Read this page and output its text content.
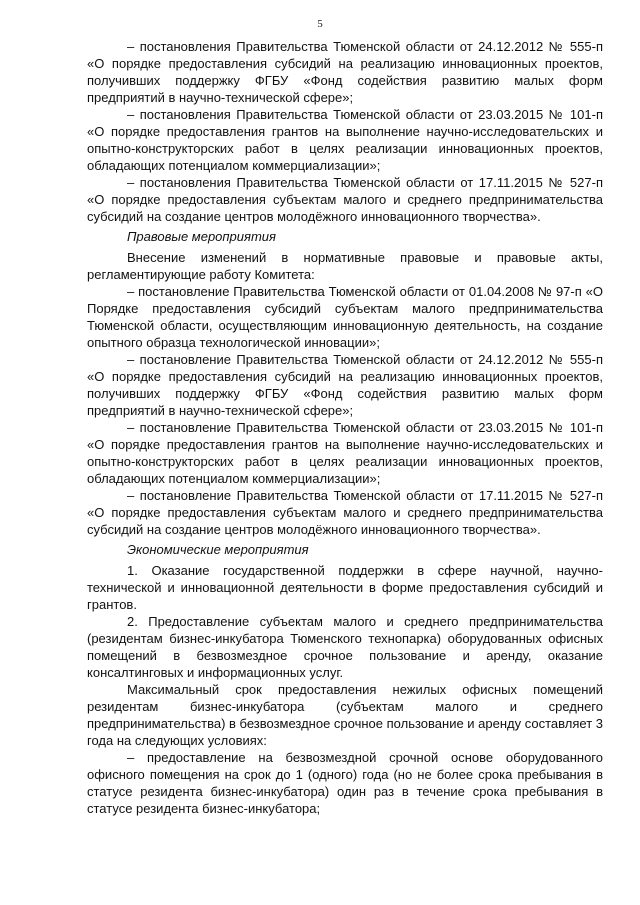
5

– постановления Правительства Тюменской области от 24.12.2012 № 555-п «О порядке предоставления субсидий на реализацию инновационных проектов, получивших поддержку ФГБУ «Фонд содействия развитию малых форм предприятий в научно-технической сфере»;

– постановления Правительства Тюменской области от 23.03.2015 № 101-п «О порядке предоставления грантов на выполнение научно-исследовательских и опытно-конструкторских работ в целях реализации инновационных проектов, обладающих потенциалом коммерциализации»;

– постановления Правительства Тюменской области от 17.11.2015 № 527-п «О порядке предоставления субъектам малого и среднего предпринимательства субсидий на создание центров молодёжного инновационного творчества».

Правовые мероприятия

Внесение изменений в нормативные правовые и правовые акты, регламентирующие работу Комитета:

– постановление Правительства Тюменской области от 01.04.2008 № 97-п «О Порядке предоставления субсидий субъектам малого предпринимательства Тюменской области, осуществляющим инновационную деятельность, на создание опытного образца технологической инновации»;

– постановление Правительства Тюменской области от 24.12.2012 № 555-п «О порядке предоставления субсидий на реализацию инновационных проектов, получивших поддержку ФГБУ «Фонд содействия развитию малых форм предприятий в научно-технической сфере»;

– постановление Правительства Тюменской области от 23.03.2015 № 101-п «О порядке предоставления грантов на выполнение научно-исследовательских и опытно-конструкторских работ в целях реализации инновационных проектов, обладающих потенциалом коммерциализации»;

– постановление Правительства Тюменской области от 17.11.2015 № 527-п «О порядке предоставления субъектам малого и среднего предпринимательства субсидий на создание центров молодёжного инновационного творчества».

Экономические мероприятия

1. Оказание государственной поддержки в сфере научной, научно-технической и инновационной деятельности в форме предоставления субсидий и грантов.

2. Предоставление субъектам малого и среднего предпринимательства (резидентам бизнес-инкубатора Тюменского технопарка) оборудованных офисных помещений в безвозмездное срочное пользование и аренду, оказание консалтинговых и информационных услуг.

Максимальный срок предоставления нежилых офисных помещений резидентам бизнес-инкубатора (субъектам малого и среднего предпринимательства) в безвозмездное срочное пользование и аренду составляет 3 года на следующих условиях:

– предоставление на безвозмездной срочной основе оборудованного офисного помещения на срок до 1 (одного) года (но не более срока пребывания в статусе резидента бизнес-инкубатора) один раз в течение срока пребывания в статусе резидента бизнес-инкубатора;
